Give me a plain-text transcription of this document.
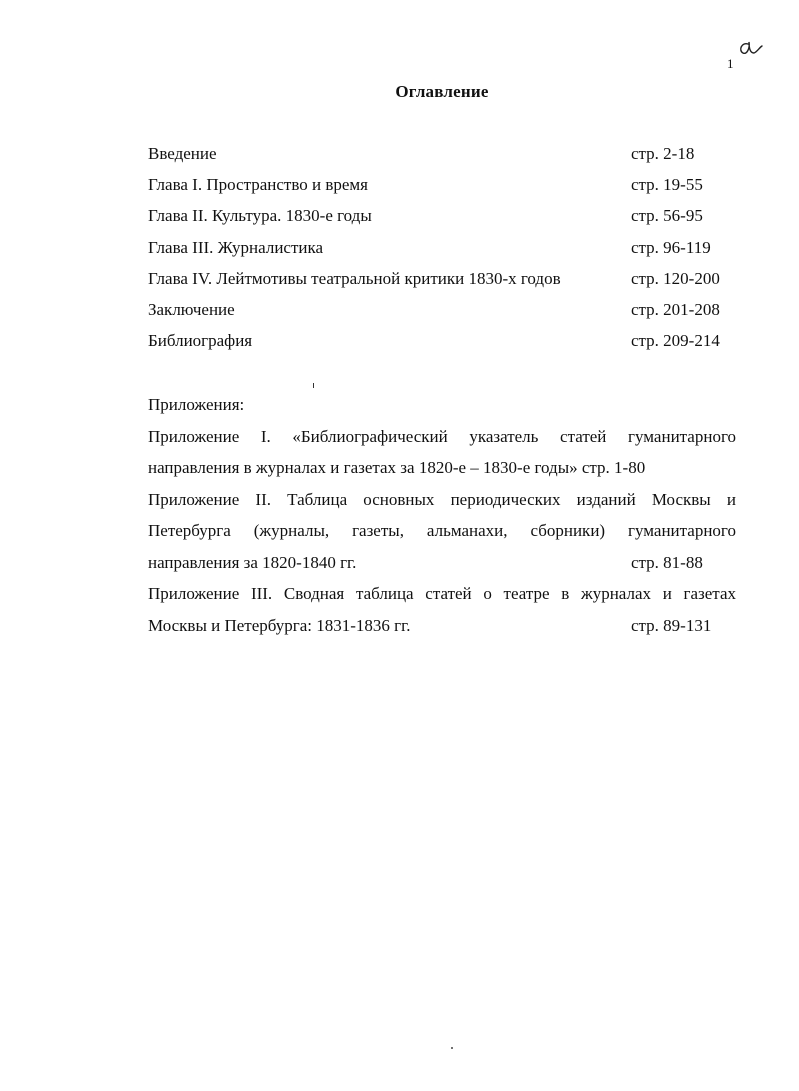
1
Оглавление
Введение	стр. 2-18
Глава I. Пространство и время	стр. 19-55
Глава II. Культура. 1830-е годы	стр. 56-95
Глава III. Журналистика	стр. 96-119
Глава IV. Лейтмотивы театральной критики 1830-х годов	стр. 120-200
Заключение	стр. 201-208
Библиография	стр. 209-214
Приложения:
Приложение I. «Библиографический указатель статей гуманитарного
направления в журналах и газетах за 1820-е – 1830-е годы» стр. 1-80
Приложение II. Таблица основных периодических изданий Москвы и
Петербурга (журналы, газеты, альманахи, сборники) гуманитарного
направления за 1820-1840 гг.	стр. 81-88
Приложение III. Сводная таблица статей о театре в журналах и газетах
Москвы и Петербурга: 1831-1836 гг.	стр. 89-131
